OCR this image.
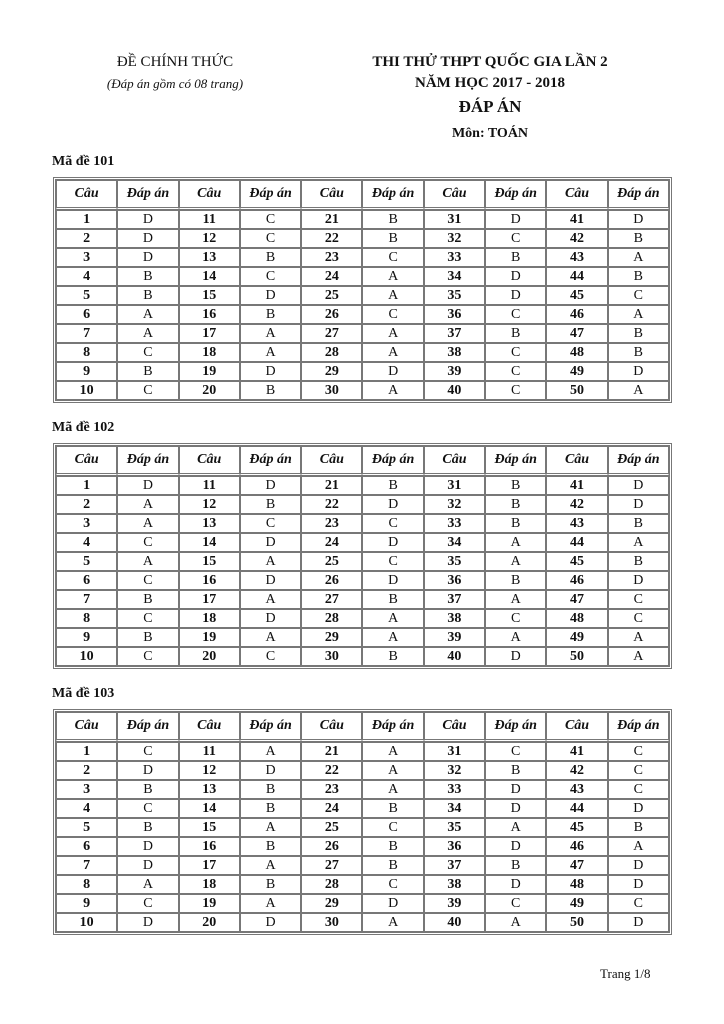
ĐỀ CHÍNH THỨC
(Đáp án gồm có 08 trang)
THI THỬ THPT QUỐC GIA LẦN 2
NĂM HỌC 2017 - 2018
ĐÁP ÁN
Môn: TOÁN
Mã đề 101
Câu	Đáp án	Câu	Đáp án	Câu	Đáp án	Câu	Đáp án	Câu	Đáp án
1	D	11	C	21	B	31	D	41	D
2	D	12	C	22	B	32	C	42	B
3	D	13	B	23	C	33	B	43	A
4	B	14	C	24	A	34	D	44	B
5	B	15	D	25	A	35	D	45	C
6	A	16	B	26	C	36	C	46	A
7	A	17	A	27	A	37	B	47	B
8	C	18	A	28	A	38	C	48	B
9	B	19	D	29	D	39	C	49	D
10	C	20	B	30	A	40	C	50	A
Mã đề 102
Câu	Đáp án	Câu	Đáp án	Câu	Đáp án	Câu	Đáp án	Câu	Đáp án
1	D	11	D	21	B	31	B	41	D
2	A	12	B	22	D	32	B	42	D
3	A	13	C	23	C	33	B	43	B
4	C	14	D	24	D	34	A	44	A
5	A	15	A	25	C	35	A	45	B
6	C	16	D	26	D	36	B	46	D
7	B	17	A	27	B	37	A	47	C
8	C	18	D	28	A	38	C	48	C
9	B	19	A	29	A	39	A	49	A
10	C	20	C	30	B	40	D	50	A
Mã đề 103
Câu	Đáp án	Câu	Đáp án	Câu	Đáp án	Câu	Đáp án	Câu	Đáp án
1	C	11	A	21	A	31	C	41	C
2	D	12	D	22	A	32	B	42	C
3	B	13	B	23	A	33	D	43	C
4	C	14	B	24	B	34	D	44	D
5	B	15	A	25	C	35	A	45	B
6	D	16	B	26	B	36	D	46	A
7	D	17	A	27	B	37	B	47	D
8	A	18	B	28	C	38	D	48	D
9	C	19	A	29	D	39	C	49	C
10	D	20	D	30	A	40	A	50	D
Trang 1/8
